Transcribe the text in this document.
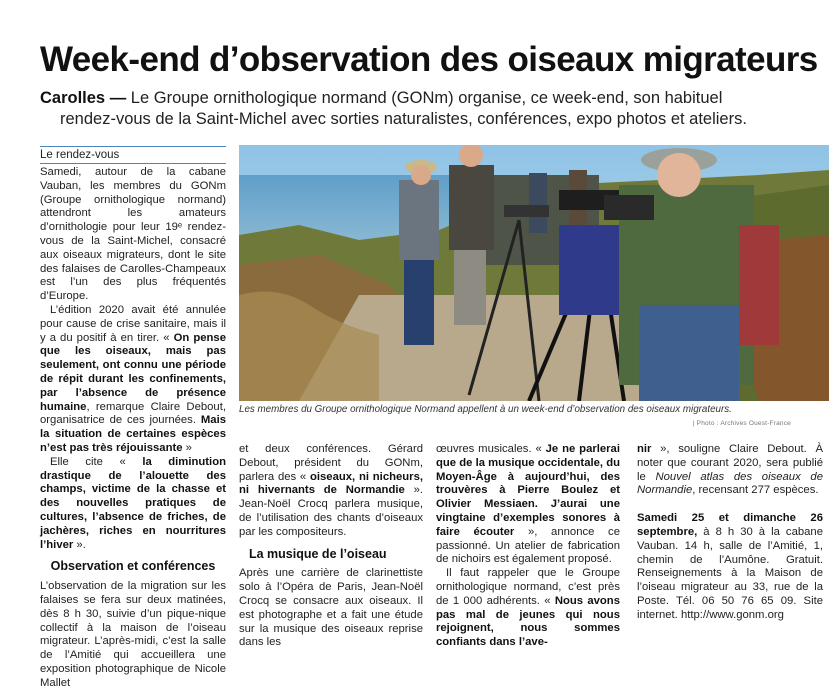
Week-end d’observation des oiseaux migrateurs

Carolles — Le Groupe ornithologique normand (GONm) organise, ce week-end, son habituel
rendez-vous de la Saint-Michel avec sorties naturalistes, conférences, expo photos et ateliers.

Le rendez-vous

Samedi, autour de la cabane Vauban, les membres du GONm (Groupe ornithologique normand) attendront les amateurs d’ornithologie pour leur 19ᵉ rendez-vous de la Saint-Michel, consacré aux oiseaux migrateurs, dont le site des falaises de Carolles-Champeaux est l’un des plus fréquentés d’Europe.

L’édition 2020 avait été annulée pour cause de crise sanitaire, mais il y a du positif à en tirer. « On pense que les oiseaux, mais pas seulement, ont connu une période de répit durant les confinements, par l’absence de présence humaine, remarque Claire Debout, organisatrice de ces journées. Mais la situation de certaines espèces n’est pas très réjouissante »

Elle cite « la diminution drastique de l’alouette des champs, victime de la chasse et des nouvelles pratiques de cultures, l’absence de friches, de jachères, riches en nourritures l’hiver ».

Observation et conférences

L’observation de la migration sur les falaises se fera sur deux matinées, dès 8 h 30, suivie d’un pique-nique collectif à la maison de l’oiseau migrateur. L’après-midi, c’est la salle de l’Amitié qui accueillera une exposition photographique de Nicole Mallet

Les membres du Groupe ornithologique Normand appellent à un week-end d’observation des oiseaux migrateurs.
| Photo : Archives Ouest-France

et deux conférences. Gérard Debout, président du GONm, parlera des « oiseaux, ni nicheurs, ni hivernants de Normandie ». Jean-Noël Crocq parlera musique, de l’utilisation des chants d’oiseaux par les compositeurs.

La musique de l’oiseau

Après une carrière de clarinettiste solo à l’Opéra de Paris, Jean-Noël Crocq se consacre aux oiseaux. Il est photographe et a fait une étude sur la musique des oiseaux reprise dans les

œuvres musicales. « Je ne parlerai que de la musique occidentale, du Moyen-Âge à aujourd’hui, des trouvères à Pierre Boulez et Olivier Messiaen. J’aurai une vingtaine d’exemples sonores à faire écouter », annonce ce passionné. Un atelier de fabrication de nichoirs est également proposé.

Il faut rappeler que le Groupe ornithologique normand, c’est près de 1 000 adhérents. « Nous avons pas mal de jeunes qui nous rejoignent, nous sommes confiants dans l’ave-

nir », souligne Claire Debout. À noter que courant 2020, sera publié le Nouvel atlas des oiseaux de Normandie, recensant 277 espèces.

Samedi 25 et dimanche 26 septembre, à 8 h 30 à la cabane Vauban. 14 h, salle de l’Amitié, 1, chemin de l’Aumône. Gratuit. Renseignements à la Maison de l’oiseau migrateur au 33, rue de la Poste. Tél. 06 50 76 65 09. Site internet. http://www.gonm.org
